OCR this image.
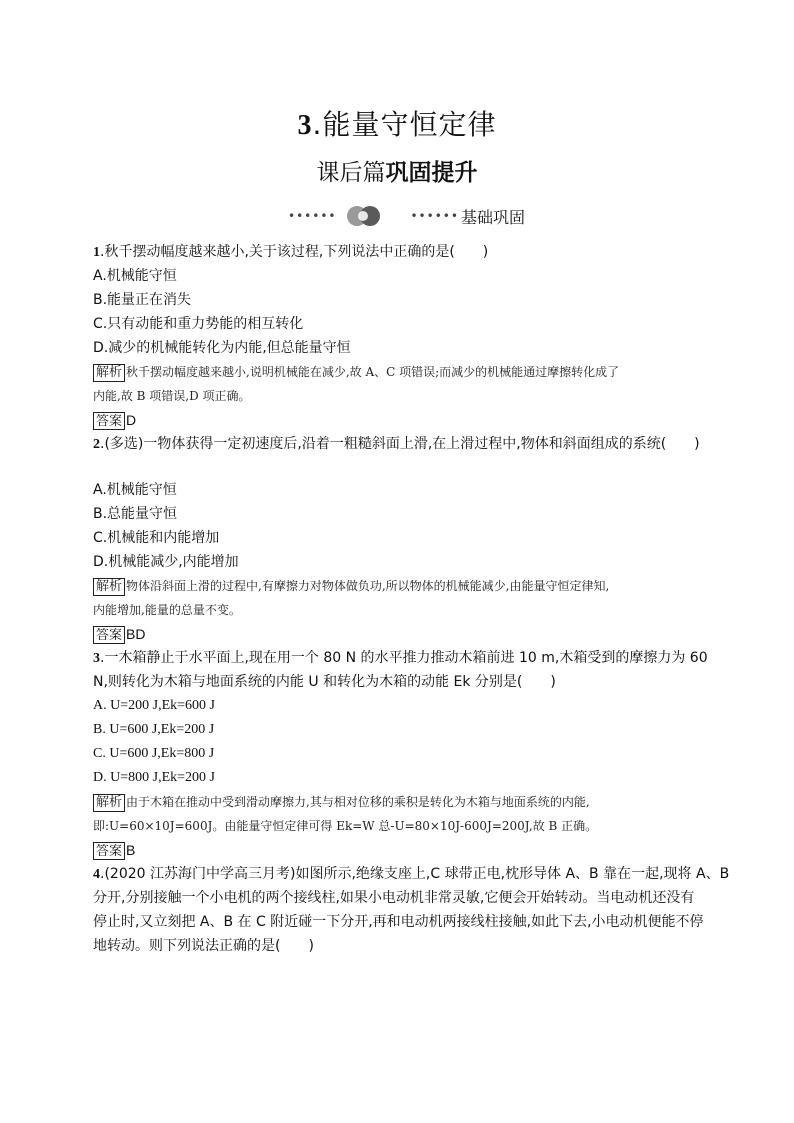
3.能量守恒定律
课后篇巩固提升
••••••	•••••• 基础巩固
1.秋千摆动幅度越来越小,关于该过程,下列说法中正确的是(　　)
A.机械能守恒
B.能量正在消失
C.只有动能和重力势能的相互转化
D.减少的机械能转化为内能,但总能量守恒
解析 秋千摆动幅度越来越小,说明机械能在减少,故 A、C 项错误;而减少的机械能通过摩擦转化成了
内能,故 B 项错误,D 项正确。
答案 D
2.(多选)一物体获得一定初速度后,沿着一粗糙斜面上滑,在上滑过程中,物体和斜面组成的系统(　　)
A.机械能守恒
B.总能量守恒
C.机械能和内能增加
D.机械能减少,内能增加
解析 物体沿斜面上滑的过程中,有摩擦力对物体做负功,所以物体的机械能减少,由能量守恒定律知,
内能增加,能量的总量不变。
答案 BD
3.一木箱静止于水平面上,现在用一个 80 N 的水平推力推动木箱前进 10 m,木箱受到的摩擦力为 60
N,则转化为木箱与地面系统的内能 U 和转化为木箱的动能 Ek 分别是(　　)
A. U=200 J,Ek=600 J
B. U=600 J,Ek=200 J
C. U=600 J,Ek=800 J
D. U=800 J,Ek=200 J
解析 由于木箱在推动中受到滑动摩擦力,其与相对位移的乘积是转化为木箱与地面系统的内能,
即:U=60×10J=600J。由能量守恒定律可得 Ek=W 总-U=80×10J-600J=200J,故 B 正确。
答案 B
4.(2020 江苏海门中学高三月考)如图所示,绝缘支座上,C 球带正电,枕形导体 A、B 靠在一起,现将 A、B
分开,分别接触一个小电机的两个接线柱,如果小电动机非常灵敏,它便会开始转动。当电动机还没有
停止时,又立刻把 A、B 在 C 附近碰一下分开,再和电动机两接线柱接触,如此下去,小电动机便能不停
地转动。则下列说法正确的是(　　)
